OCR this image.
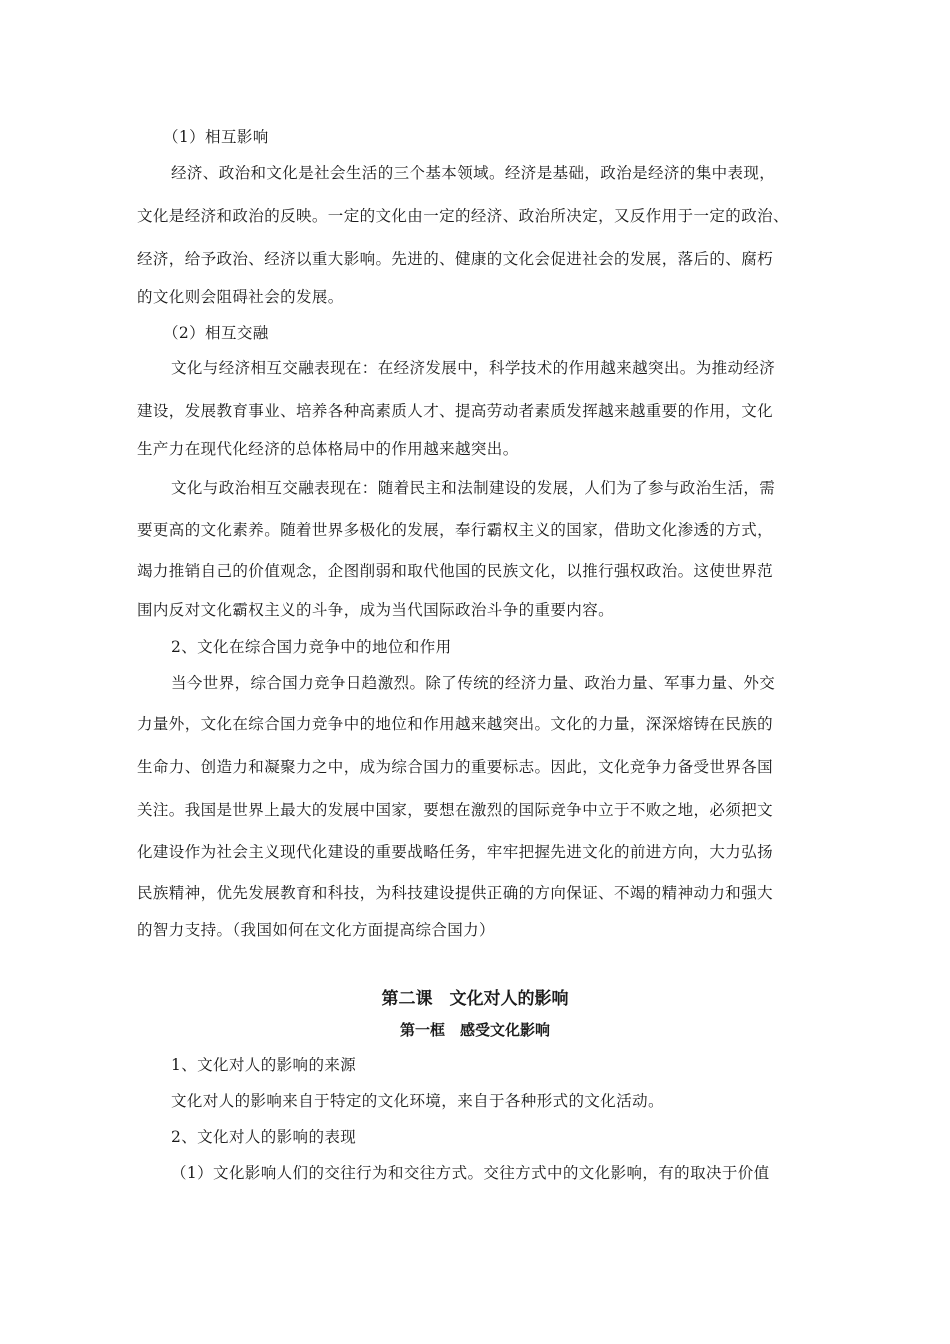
（1）相互影响
经济、政治和文化是社会生活的三个基本领域。经济是基础，政治是经济的集中表现，
文化是经济和政治的反映。一定的文化由一定的经济、政治所决定，又反作用于一定的政治、
经济，给予政治、经济以重大影响。先进的、健康的文化会促进社会的发展，落后的、腐朽
的文化则会阻碍社会的发展。
（2）相互交融
文化与经济相互交融表现在：在经济发展中，科学技术的作用越来越突出。为推动经济
建设，发展教育事业、培养各种高素质人才、提高劳动者素质发挥越来越重要的作用，文化
生产力在现代化经济的总体格局中的作用越来越突出。
文化与政治相互交融表现在：随着民主和法制建设的发展，人们为了参与政治生活，需
要更高的文化素养。随着世界多极化的发展，奉行霸权主义的国家，借助文化渗透的方式，
竭力推销自己的价值观念，企图削弱和取代他国的民族文化，以推行强权政治。这使世界范
围内反对文化霸权主义的斗争，成为当代国际政治斗争的重要内容。
2、文化在综合国力竞争中的地位和作用
当今世界，综合国力竞争日趋激烈。除了传统的经济力量、政治力量、军事力量、外交
力量外，文化在综合国力竞争中的地位和作用越来越突出。文化的力量，深深熔铸在民族的
生命力、创造力和凝聚力之中，成为综合国力的重要标志。因此，文化竞争力备受世界各国
关注。我国是世界上最大的发展中国家，要想在激烈的国际竞争中立于不败之地，必须把文
化建设作为社会主义现代化建设的重要战略任务，牢牢把握先进文化的前进方向，大力弘扬
民族精神，优先发展教育和科技，为科技建设提供正确的方向保证、不竭的精神动力和强大
的智力支持。（我国如何在文化方面提高综合国力）
第二课　文化对人的影响
第一框　感受文化影响
1、文化对人的影响的来源
文化对人的影响来自于特定的文化环境，来自于各种形式的文化活动。
2、文化对人的影响的表现
（1）文化影响人们的交往行为和交往方式。交往方式中的文化影响，有的取决于价值
